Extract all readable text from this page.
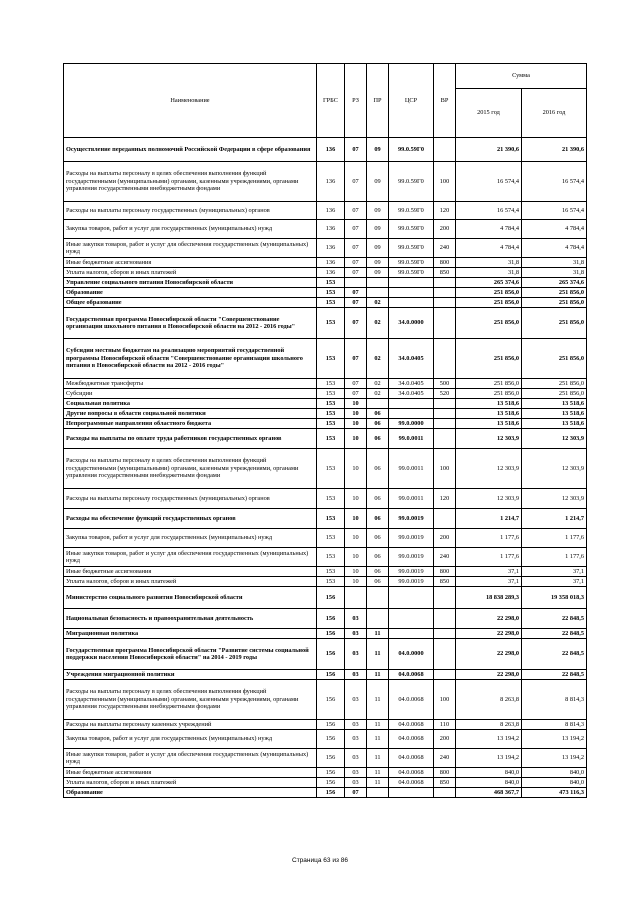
Наименование	ГРБС	РЗ	ПР	ЦСР	ВР	Сумма	
						2015 год	2016 год
Осуществление переданных полномочий Российской Федерации в сфере образования	136	07	09	99.0.59Г0		21 390,6	21 390,6
Расходы на выплаты персоналу в целях обеспечения выполнения функций государственными (муниципальными) органами, казенными учреждениями, органами управления государственными внебюджетными фондами	136	07	09	99.0.59Г0	100	16 574,4	16 574,4
Расходы на выплаты персоналу государственных (муниципальных) органов	136	07	09	99.0.59Г0	120	16 574,4	16 574,4
Закупка товаров, работ и услуг для государственных (муниципальных) нужд	136	07	09	99.0.59Г0	200	4 784,4	4 784,4
Иные закупки товаров, работ и услуг для обеспечения государственных (муниципальных) нужд	136	07	09	99.0.59Г0	240	4 784,4	4 784,4
Иные бюджетные ассигнования	136	07	09	99.0.59Г0	800	31,8	31,8
Уплата налогов, сборов и иных платежей	136	07	09	99.0.59Г0	850	31,8	31,8
Управление социального питания Новосибирской области	153					265 374,6	265 374,6
Образование	153	07				251 856,0	251 856,0
Общее образование	153	07	02			251 856,0	251 856,0
Государственная программа Новосибирской области "Совершенствование организации школьного питания в Новосибирской области на 2012 - 2016 годы"	153	07	02	34.0.0000		251 856,0	251 856,0
Субсидии местным бюджетам на реализацию мероприятий государственной программы Новосибирской области "Совершенствование организации школьного питания в Новосибирской области на 2012 - 2016 годы"	153	07	02	34.0.0405		251 856,0	251 856,0
Межбюджетные трансферты	153	07	02	34.0.0405	500	251 856,0	251 856,0
Субсидии	153	07	02	34.0.0405	520	251 856,0	251 856,0
Социальная политика	153	10				13 518,6	13 518,6
Другие вопросы в области социальной политики	153	10	06			13 518,6	13 518,6
Непрограммные направления областного бюджета	153	10	06	99.0.0000		13 518,6	13 518,6
Расходы на выплаты по оплате труда работников государственных органов	153	10	06	99.0.0011		12 303,9	12 303,9
Расходы на выплаты персоналу в целях обеспечения выполнения функций государственными (муниципальными) органами, казенными учреждениями, органами управления государственными внебюджетными фондами	153	10	06	99.0.0011	100	12 303,9	12 303,9
Расходы на выплаты персоналу государственных (муниципальных) органов	153	10	06	99.0.0011	120	12 303,9	12 303,9
Расходы на обеспечение функций государственных органов	153	10	06	99.0.0019		1 214,7	1 214,7
Закупка товаров, работ и услуг для государственных (муниципальных) нужд	153	10	06	99.0.0019	200	1 177,6	1 177,6
Иные закупки товаров, работ и услуг для обеспечения государственных (муниципальных) нужд	153	10	06	99.0.0019	240	1 177,6	1 177,6
Иные бюджетные ассигнования	153	10	06	99.0.0019	800	37,1	37,1
Уплата налогов, сборов и иных платежей	153	10	06	99.0.0019	850	37,1	37,1
Министерство социального развития Новосибирской области	156					18 838 289,3	19 358 018,3
Национальная безопасность и правоохранительная деятельность	156	03				22 298,0	22 848,5
Миграционная политика	156	03	11			22 298,0	22 848,5
Государственная программа Новосибирской области "Развитие системы социальной поддержки населения Новосибирской области" на 2014 - 2019 годы	156	03	11	04.0.0000		22 298,0	22 848,5
Учреждения миграционной политики	156	03	11	04.0.0068		22 298,0	22 848,5
Расходы на выплаты персоналу в целях обеспечения выполнения функций государственными (муниципальными) органами, казенными учреждениями, органами управления государственными внебюджетными фондами	156	03	11	04.0.0068	100	8 263,8	8 814,3
Расходы на выплаты персоналу казенных учреждений	156	03	11	04.0.0068	110	8 263,8	8 814,3
Закупка товаров, работ и услуг для государственных (муниципальных) нужд	156	03	11	04.0.0068	200	13 194,2	13 194,2
Иные закупки товаров, работ и услуг для обеспечения государственных (муниципальных) нужд	156	03	11	04.0.0068	240	13 194,2	13 194,2
Иные бюджетные ассигнования	156	03	11	04.0.0068	800	840,0	840,0
Уплата налогов, сборов и иных платежей	156	03	11	04.0.0068	850	840,0	840,0
Образование	156	07				468 367,7	473 116,3
Страница 63 из 86
